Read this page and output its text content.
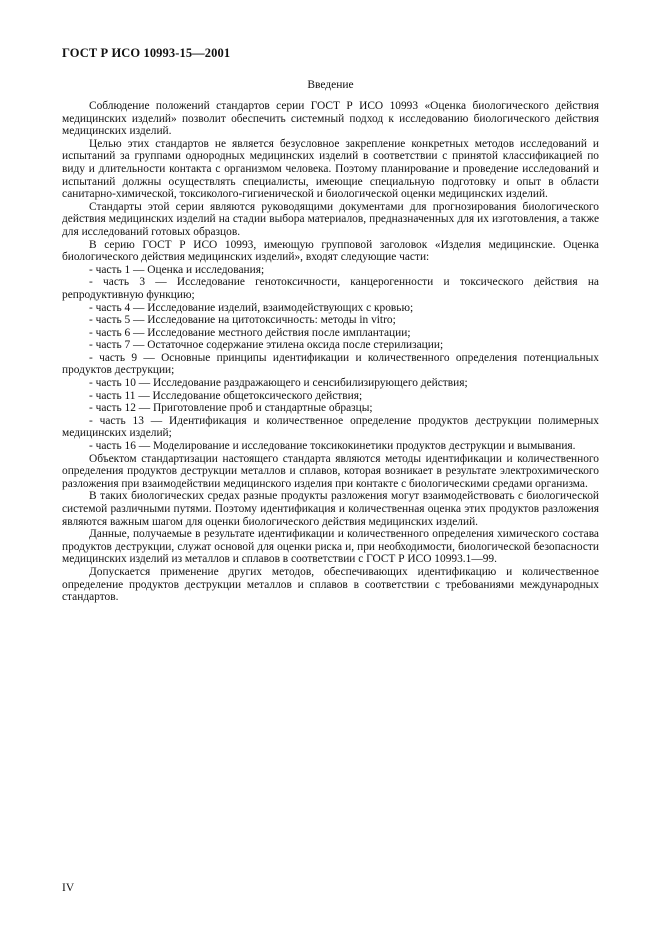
ГОСТ Р ИСО 10993-15—2001
Введение

Соблюдение положений стандартов серии ГОСТ Р ИСО 10993 «Оценка биологического действия медицинских изделий» позволит обеспечить системный подход к исследованию биологического действия медицинских изделий.

Целью этих стандартов не является безусловное закрепление конкретных методов исследований и испытаний за группами однородных медицинских изделий в соответствии с принятой классификацией по виду и длительности контакта с организмом человека. Поэтому планирование и проведение исследований и испытаний должны осуществлять специалисты, имеющие специальную подготовку и опыт в области санитарно-химической, токсиколого-гигиенической и биологической оценки медицинских изделий.

Стандарты этой серии являются руководящими документами для прогнозирования биологического действия медицинских изделий на стадии выбора материалов, предназначенных для их изготовления, а также для исследований готовых образцов.

В серию ГОСТ Р ИСО 10993, имеющую групповой заголовок «Изделия медицинские. Оценка биологического действия медицинских изделий», входят следующие части:

- часть 1 — Оценка и исследования;

- часть 3 — Исследование генотоксичности, канцерогенности и токсического действия на репродуктивную функцию;

- часть 4 — Исследование изделий, взаимодействующих с кровью;

- часть 5 — Исследование на цитотоксичность: методы in vitro;

- часть 6 — Исследование местного действия после имплантации;

- часть 7 — Остаточное содержание этилена оксида после стерилизации;

- часть 9 — Основные принципы идентификации и количественного определения потенциальных продуктов деструкции;

- часть 10 — Исследование раздражающего и сенсибилизирующего действия;

- часть 11 — Исследование общетоксического действия;

- часть 12 — Приготовление проб и стандартные образцы;

- часть 13 — Идентификация и количественное определение продуктов деструкции полимерных медицинских изделий;

- часть 16 — Моделирование и исследование токсикокинетики продуктов деструкции и вымывания.

Объектом стандартизации настоящего стандарта являются методы идентификации и количественного определения продуктов деструкции металлов и сплавов, которая возникает в результате электрохимического разложения при взаимодействии медицинского изделия при контакте с биологическими средами организма.

В таких биологических средах разные продукты разложения могут взаимодействовать с биологической системой различными путями. Поэтому идентификация и количественная оценка этих продуктов разложения являются важным шагом для оценки биологического действия медицинских изделий.

Данные, получаемые в результате идентификации и количественного определения химического состава продуктов деструкции, служат основой для оценки риска и, при необходимости, биологической безопасности медицинских изделий из металлов и сплавов в соответствии с ГОСТ Р ИСО 10993.1—99.

Допускается применение других методов, обеспечивающих идентификацию и количественное определение продуктов деструкции металлов и сплавов в соответствии с требованиями международных стандартов.

IV
